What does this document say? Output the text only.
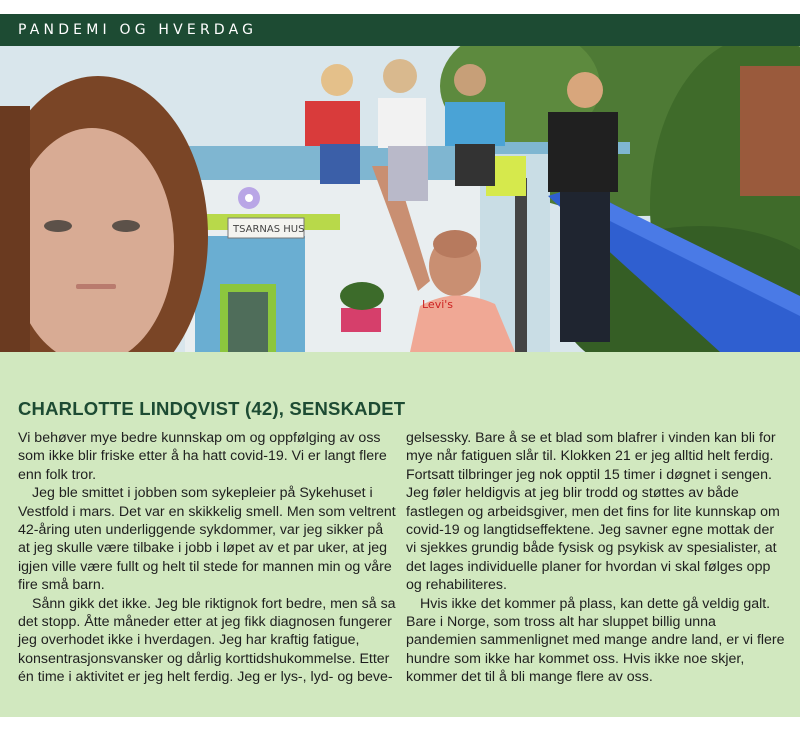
PANDEMI OG HVERDAG
TSARNAS HUS
Levi's
CHARLOTTE LINDQVIST (42), SENSKADET

Vi behøver mye bedre kunnskap om og oppfølging av oss som ikke blir friske etter å ha hatt covid-19. Vi er langt flere enn folk tror.

Jeg ble smittet i jobben som sykepleier på Sykehuset i Vestfold i mars. Det var en skikkelig smell. Men som veltrent 42-åring uten underliggende sykdommer, var jeg sikker på at jeg skulle være tilbake i jobb i løpet av et par uker, at jeg igjen ville være fullt og helt til stede for mannen min og våre fire små barn.

Sånn gikk det ikke. Jeg ble riktignok fort bedre, men så sa det stopp. Åtte måneder etter at jeg fikk diagnosen fungerer jeg overhodet ikke i hverdagen. Jeg har kraftig fatigue, konsentrasjonsvansker og dårlig korttidshukommelse. Etter én time i aktivitet er jeg helt ferdig. Jeg er lys-, lyd- og beve-

gelsessky. Bare å se et blad som blafrer i vinden kan bli for mye når fatiguen slår til. Klokken 21 er jeg alltid helt ferdig. Fortsatt tilbringer jeg nok opptil 15 timer i døgnet i sengen. Jeg føler heldigvis at jeg blir trodd og støttes av både fastlegen og arbeidsgiver, men det fins for lite kunnskap om covid-19 og langtidseffektene. Jeg savner egne mottak der vi sjekkes grundig både fysisk og psykisk av spesialister, at det lages individuelle planer for hvordan vi skal følges opp og rehabiliteres.

Hvis ikke det kommer på plass, kan dette gå veldig galt. Bare i Norge, som tross alt har sluppet billig unna pandemien sammenlignet med mange andre land, er vi flere hundre som ikke har kommet oss. Hvis ikke noe skjer, kommer det til å bli mange flere av oss.
